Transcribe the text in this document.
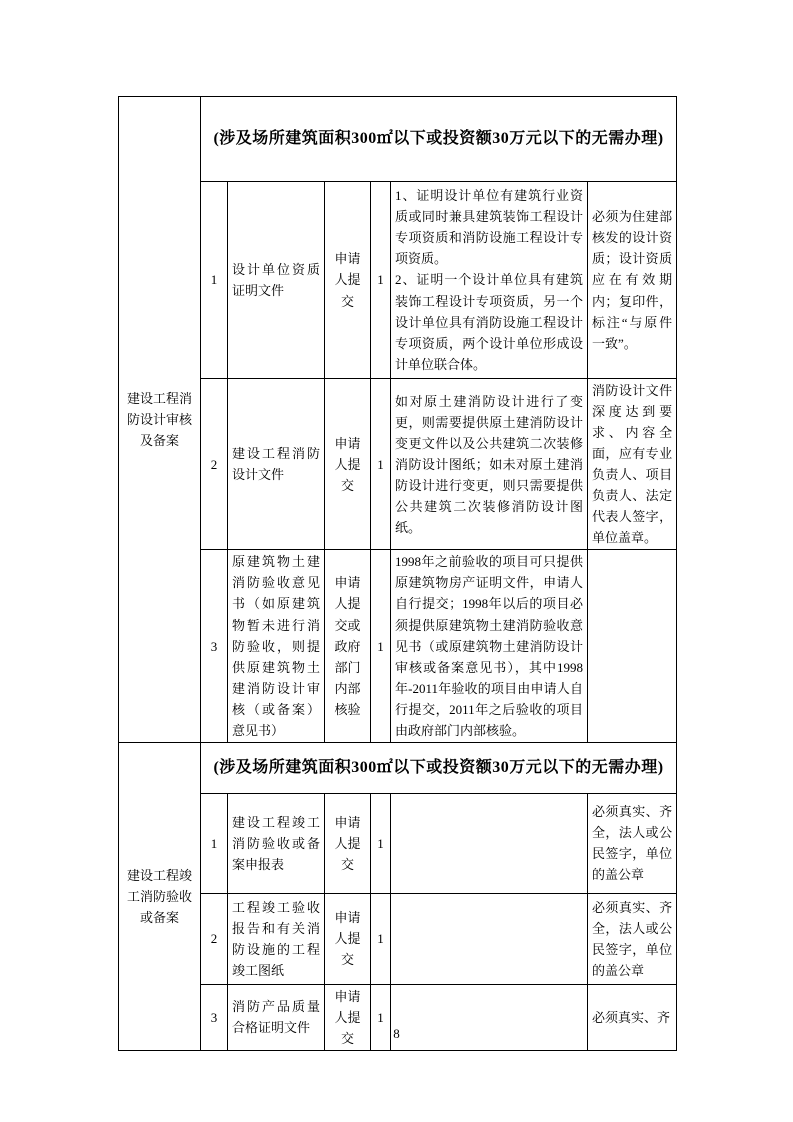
建设工程消防设计审核及备案	(涉及场所建筑面积300㎡以下或投资额30万元以下的无需办理)					
	1	设计单位资质证明文件	申请人提交	1	1、证明设计单位有建筑行业资质或同时兼具建筑装饰工程设计专项资质和消防设施工程设计专项资质。
2、证明一个设计单位具有建筑装饰工程设计专项资质，另一个设计单位具有消防设施工程设计专项资质，两个设计单位形成设计单位联合体。	必须为住建部核发的设计资质；设计资质应在有效期内；复印件，标注“与原件一致”。
	2	建设工程消防设计文件	申请人提交	1	如对原土建消防设计进行了变更，则需要提供原土建消防设计变更文件以及公共建筑二次装修消防设计图纸；如未对原土建消防设计进行变更，则只需要提供公共建筑二次装修消防设计图纸。	消防设计文件深度达到要求、内容全面，应有专业负责人、项目负责人、法定代表人签字，单位盖章。
	3	原建筑物土建消防验收意见书（如原建筑物暂未进行消防验收，则提供原建筑物土建消防设计审核（或备案）意见书）	申请人提交或政府部门内部核验	1	1998年之前验收的项目可只提供原建筑物房产证明文件，申请人自行提交；1998年以后的项目必须提供原建筑物土建消防验收意见书（或原建筑物土建消防设计审核或备案意见书），其中1998年-2011年验收的项目由申请人自行提交，2011年之后验收的项目由政府部门内部核验。	
建设工程竣工消防验收或备案	(涉及场所建筑面积300㎡以下或投资额30万元以下的无需办理)					
	1	建设工程竣工消防验收或备案申报表	申请人提交	1		必须真实、齐全，法人或公民签字，单位的盖公章
	2	工程竣工验收报告和有关消防设施的工程竣工图纸	申请人提交	1		必须真实、齐全，法人或公民签字，单位的盖公章
	3	消防产品质量合格证明文件	申请人提交	1		必须真实、齐
8
